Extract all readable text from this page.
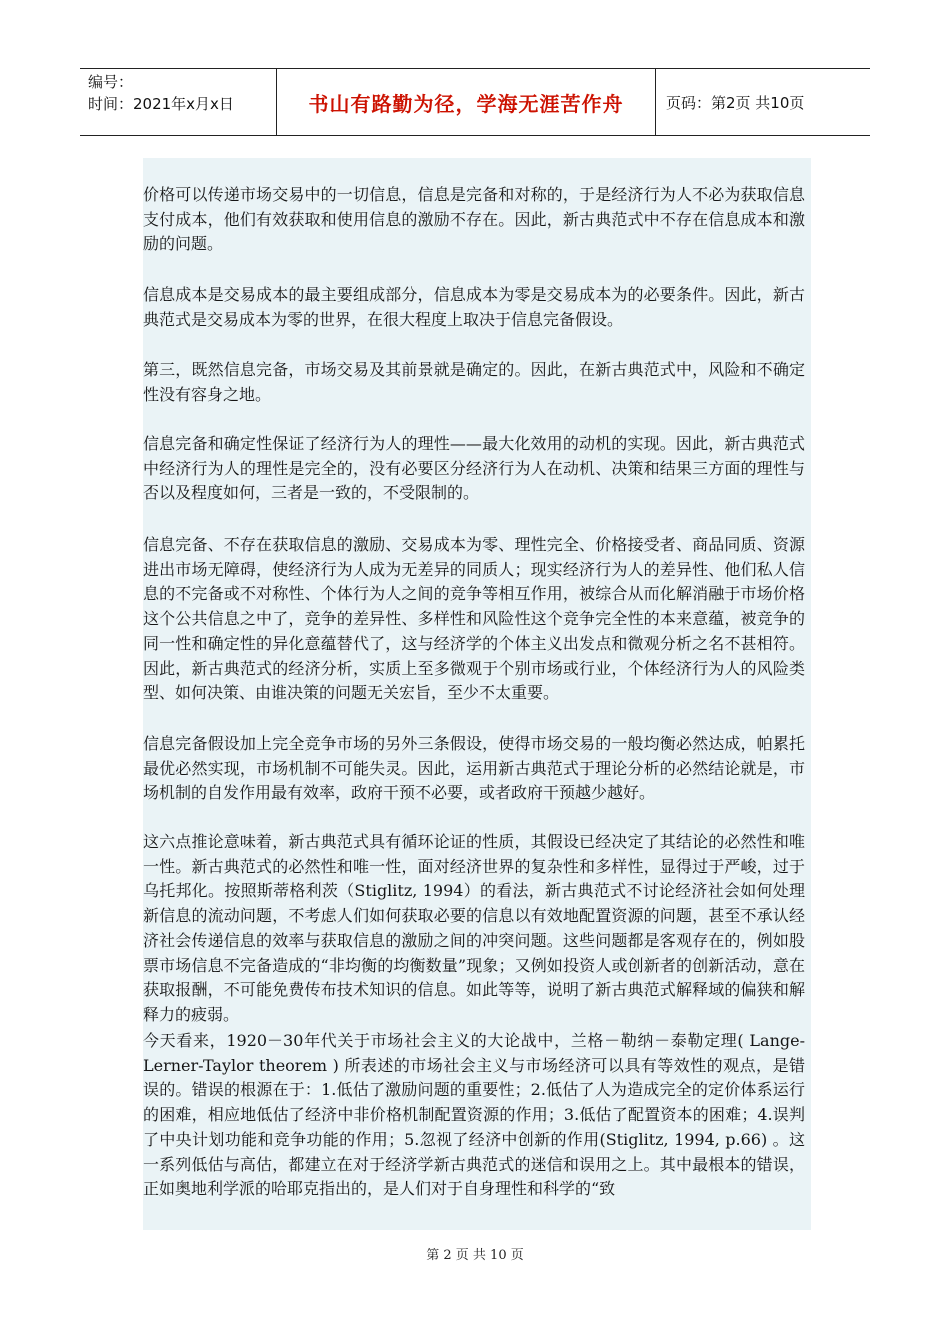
编号：
时间：2021年x月x日	书山有路勤为径，学海无涯苦作舟	页码：第2页 共10页

价格可以传递市场交易中的一切信息，信息是完备和对称的，于是经济行为人不必为获取信息支付成本，他们有效获取和使用信息的激励不存在。因此，新古典范式中不存在信息成本和激励的问题。

信息成本是交易成本的最主要组成部分，信息成本为零是交易成本为的必要条件。因此，新古典范式是交易成本为零的世界，在很大程度上取决于信息完备假设。

第三，既然信息完备，市场交易及其前景就是确定的。因此，在新古典范式中，风险和不确定性没有容身之地。

信息完备和确定性保证了经济行为人的理性——最大化效用的动机的实现。因此，新古典范式中经济行为人的理性是完全的，没有必要区分经济行为人在动机、决策和结果三方面的理性与否以及程度如何，三者是一致的，不受限制的。

信息完备、不存在获取信息的激励、交易成本为零、理性完全、价格接受者、商品同质、资源进出市场无障碍，使经济行为人成为无差异的同质人；现实经济行为人的差异性、他们私人信息的不完备或不对称性、个体行为人之间的竞争等相互作用，被综合从而化解消融于市场价格这个公共信息之中了，竞争的差异性、多样性和风险性这个竞争完全性的本来意蕴，被竞争的同一性和确定性的异化意蕴替代了，这与经济学的个体主义出发点和微观分析之名不甚相符。因此，新古典范式的经济分析，实质上至多微观于个别市场或行业，个体经济行为人的风险类型、如何决策、由谁决策的问题无关宏旨，至少不太重要。

信息完备假设加上完全竞争市场的另外三条假设，使得市场交易的一般均衡必然达成，帕累托最优必然实现，市场机制不可能失灵。因此，运用新古典范式于理论分析的必然结论就是，市场机制的自发作用最有效率，政府干预不必要，或者政府干预越少越好。

这六点推论意味着，新古典范式具有循环论证的性质，其假设已经决定了其结论的必然性和唯一性。新古典范式的必然性和唯一性，面对经济世界的复杂性和多样性，显得过于严峻，过于乌托邦化。按照斯蒂格利茨（Stiglitz, 1994）的看法，新古典范式不讨论经济社会如何处理新信息的流动问题，不考虑人们如何获取必要的信息以有效地配置资源的问题，甚至不承认经济社会传递信息的效率与获取信息的激励之间的冲突问题。这些问题都是客观存在的，例如股票市场信息不完备造成的“非均衡的均衡数量”现象；又例如投资人或创新者的创新活动，意在获取报酬，不可能免费传布技术知识的信息。如此等等，说明了新古典范式解释域的偏狭和解释力的疲弱。

今天看来，1920－30年代关于市场社会主义的大论战中，兰格－勒纳－泰勒定理( Lange-Lerner-Taylor theorem ) 所表述的市场社会主义与市场经济可以具有等效性的观点，是错误的。错误的根源在于：1.低估了激励问题的重要性；2.低估了人为造成完全的定价体系运行的困难，相应地低估了经济中非价格机制配置资源的作用；3.低估了配置资本的困难；4.误判了中央计划功能和竞争功能的作用；5.忽视了经济中创新的作用(Stiglitz, 1994, p.66) 。这一系列低估与高估，都建立在对于经济学新古典范式的迷信和误用之上。其中最根本的错误，正如奥地利学派的哈耶克指出的，是人们对于自身理性和科学的“致

第 2 页 共 10 页
